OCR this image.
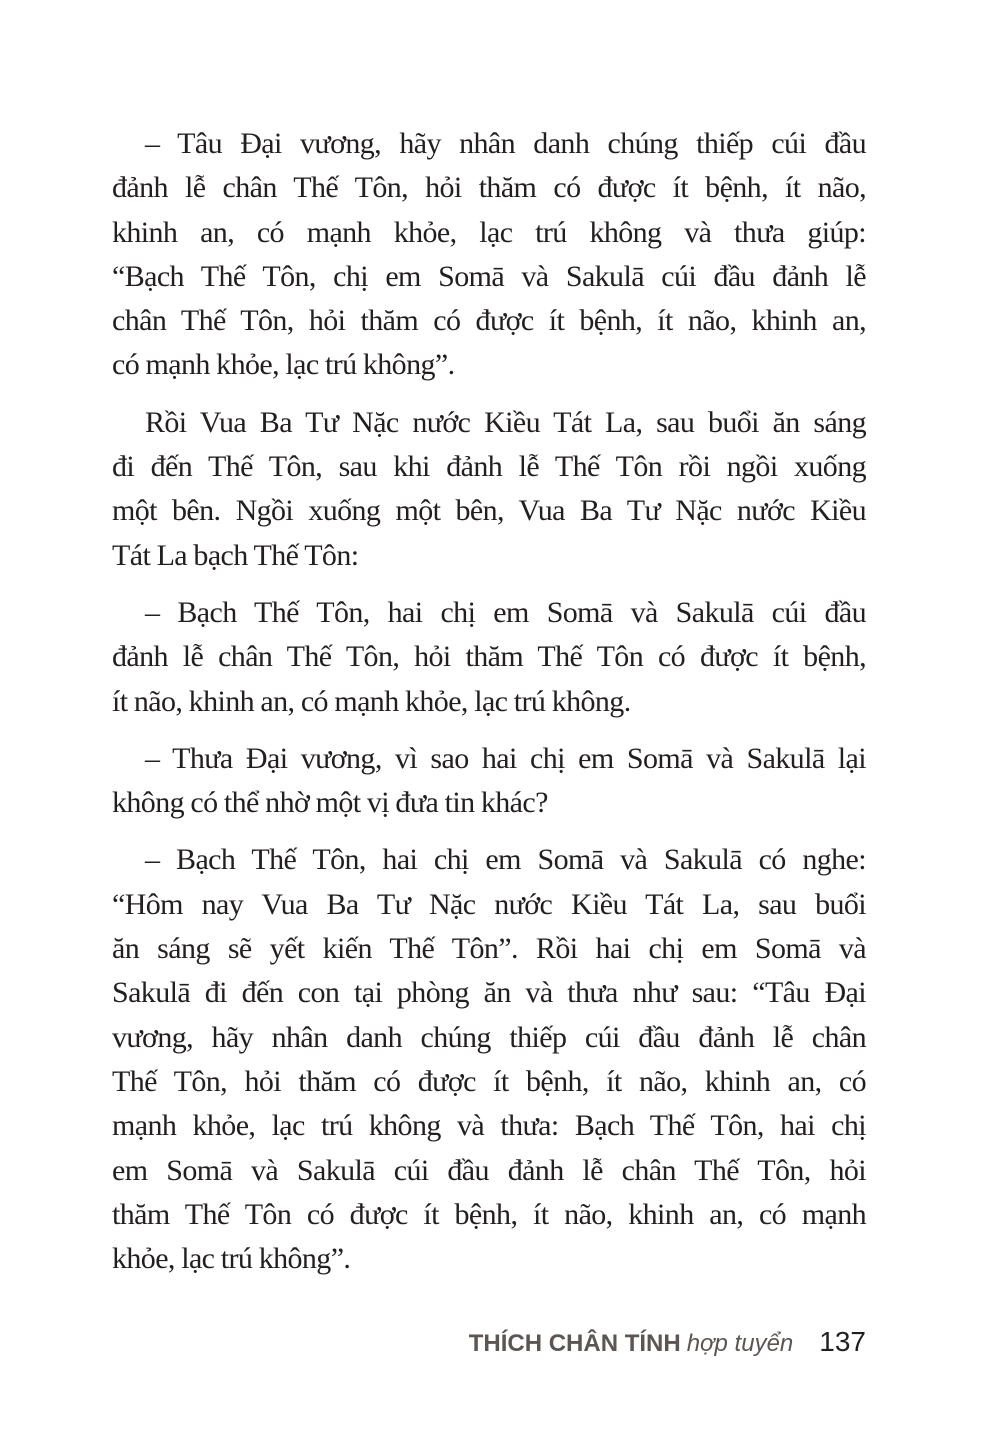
– Tâu Đại vương, hãy nhân danh chúng thiếp cúi đầu
đảnh lễ chân Thế Tôn, hỏi thăm có được ít bệnh, ít não,
khinh an, có mạnh khỏe, lạc trú không và thưa giúp:
“Bạch Thế Tôn, chị em Somā và Sakulā cúi đầu đảnh lễ
chân Thế Tôn, hỏi thăm có được ít bệnh, ít não, khinh an,
có mạnh khỏe, lạc trú không”.
Rồi Vua Ba Tư Nặc nước Kiều Tát La, sau buổi ăn sáng
đi đến Thế Tôn, sau khi đảnh lễ Thế Tôn rồi ngồi xuống
một bên. Ngồi xuống một bên, Vua Ba Tư Nặc nước Kiều
Tát La bạch Thế Tôn:
– Bạch Thế Tôn, hai chị em Somā và Sakulā cúi đầu
đảnh lễ chân Thế Tôn, hỏi thăm Thế Tôn có được ít bệnh,
ít não, khinh an, có mạnh khỏe, lạc trú không.
– Thưa Đại vương, vì sao hai chị em Somā và Sakulā lại
không có thể nhờ một vị đưa tin khác?
– Bạch Thế Tôn, hai chị em Somā và Sakulā có nghe:
“Hôm nay Vua Ba Tư Nặc nước Kiều Tát La, sau buổi
ăn sáng sẽ yết kiến Thế Tôn”. Rồi hai chị em Somā và
Sakulā đi đến con tại phòng ăn và thưa như sau: “Tâu Đại
vương, hãy nhân danh chúng thiếp cúi đầu đảnh lễ chân
Thế Tôn, hỏi thăm có được ít bệnh, ít não, khinh an, có
mạnh khỏe, lạc trú không và thưa: Bạch Thế Tôn, hai chị
em Somā và Sakulā cúi đầu đảnh lễ chân Thế Tôn, hỏi
thăm Thế Tôn có được ít bệnh, ít não, khinh an, có mạnh
khỏe, lạc trú không”.
THÍCH CHÂN TÍNH hợp tuyển 137
